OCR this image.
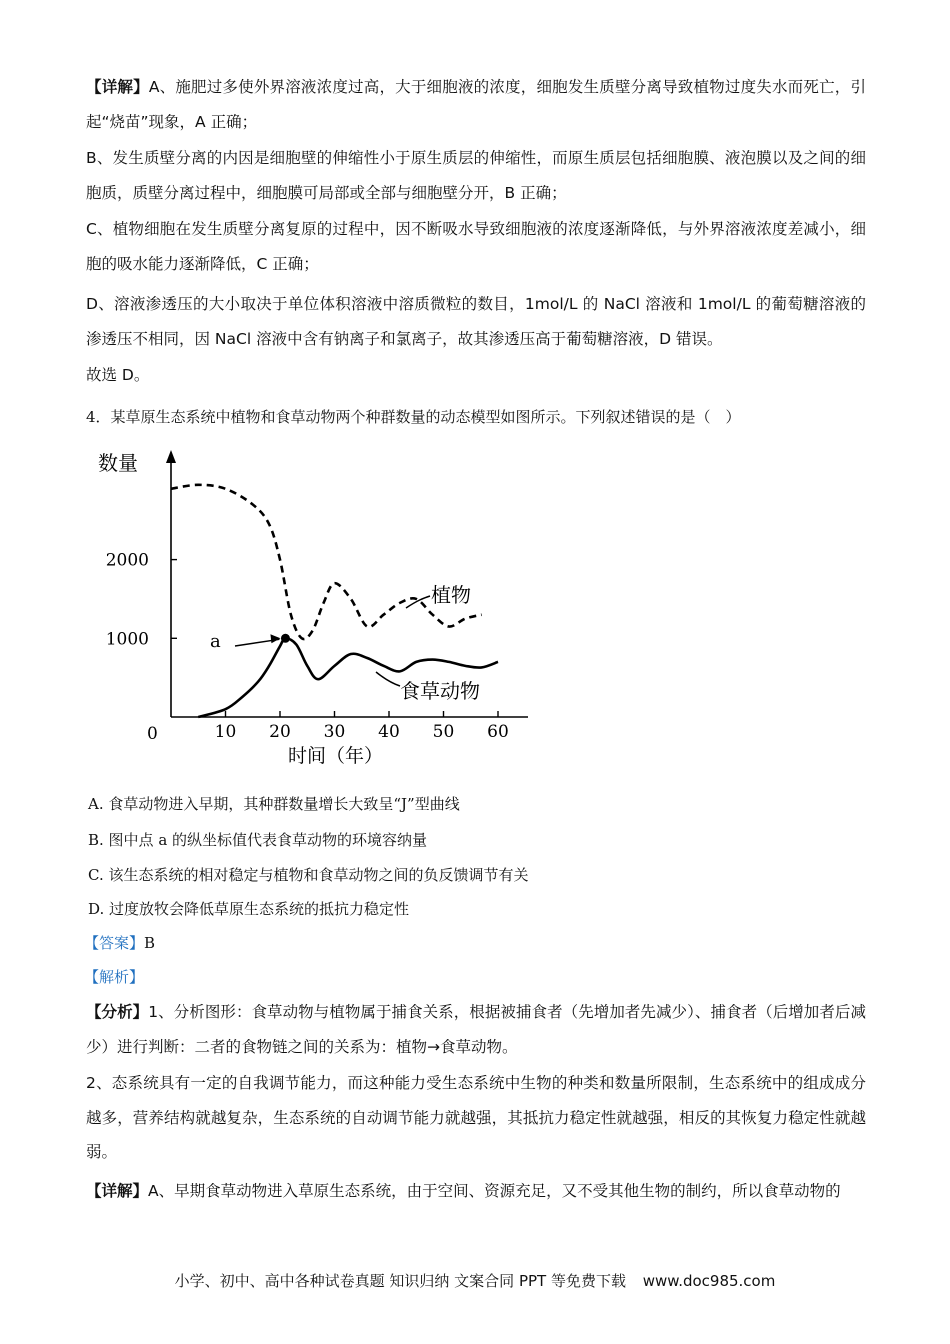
【详解】A、施肥过多使外界溶液浓度过高，大于细胞液的浓度，细胞发生质壁分离导致植物过度失水而死亡，引起“烧苗”现象，A 正确；

B、发生质壁分离的内因是细胞壁的伸缩性小于原生质层的伸缩性，而原生质层包括细胞膜、液泡膜以及之间的细胞质，质壁分离过程中，细胞膜可局部或全部与细胞壁分开，B 正确；

C、植物细胞在发生质壁分离复原的过程中，因不断吸水导致细胞液的浓度逐渐降低，与外界溶液浓度差减小，细胞的吸水能力逐渐降低，C 正确；

D、溶液渗透压的大小取决于单位体积溶液中溶质微粒的数目，1mol/L 的 NaCl 溶液和 1mol/L 的葡萄糖溶液的渗透压不相同，因 NaCl 溶液中含有钠离子和氯离子，故其渗透压高于葡萄糖溶液，D 错误。

故选 D。

4．某草原生态系统中植物和食草动物两个种群数量的动态模型如图所示。下列叙述错误的是（　）

数量
时间（年）
0	10 20 30 40 50 60
1000
2000
植物
食草动物
a
A. 食草动物进入早期，其种群数量增长大致呈“J”型曲线
B. 图中点 a 的纵坐标值代表食草动物的环境容纳量
C. 该生态系统的相对稳定与植物和食草动物之间的负反馈调节有关
D. 过度放牧会降低草原生态系统的抵抗力稳定性
【答案】B
【解析】

【分析】1、分析图形：食草动物与植物属于捕食关系，根据被捕食者（先增加者先减少）、捕食者（后增加者后减少）进行判断：二者的食物链之间的关系为：植物→食草动物。

2、态系统具有一定的自我调节能力，而这种能力受生态系统中生物的种类和数量所限制，生态系统中的组成成分越多，营养结构就越复杂，生态系统的自动调节能力就越强，其抵抗力稳定性就越强，相反的其恢复力稳定性就越弱。

【详解】A、早期食草动物进入草原生态系统，由于空间、资源充足，又不受其他生物的制约，所以食草动物的

小学、初中、高中各种试卷真题 知识归纳 文案合同 PPT 等免费下载 www.doc985.com
